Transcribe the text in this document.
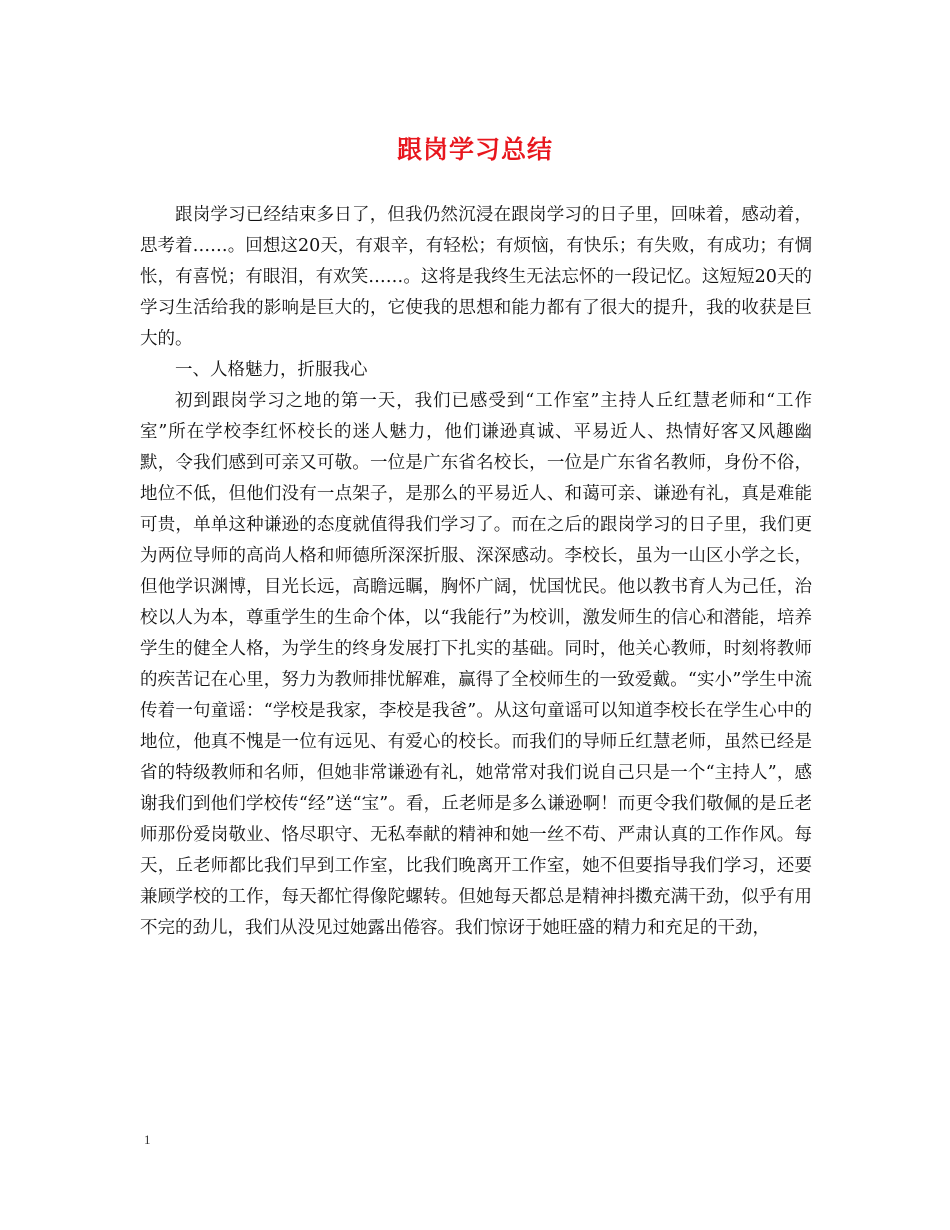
跟岗学习总结

跟岗学习已经结束多日了，但我仍然沉浸在跟岗学习的日子里，回味着，感动着，思考着……。回想这20天，有艰辛，有轻松；有烦恼，有快乐；有失败，有成功；有惆怅，有喜悦；有眼泪，有欢笑……。这将是我终生无法忘怀的一段记忆。这短短20天的学习生活给我的影响是巨大的，它使我的思想和能力都有了很大的提升，我的收获是巨大的。

一、人格魅力，折服我心

初到跟岗学习之地的第一天，我们已感受到“工作室”主持人丘红慧老师和“工作室”所在学校李红怀校长的迷人魅力，他们谦逊真诚、平易近人、热情好客又风趣幽默，令我们感到可亲又可敬。一位是广东省名校长，一位是广东省名教师，身份不俗，地位不低，但他们没有一点架子，是那么的平易近人、和蔼可亲、谦逊有礼，真是难能可贵，单单这种谦逊的态度就值得我们学习了。而在之后的跟岗学习的日子里，我们更为两位导师的高尚人格和师德所深深折服、深深感动。李校长，虽为一山区小学之长，但他学识渊博，目光长远，高瞻远瞩，胸怀广阔，忧国忧民。他以教书育人为己任，治校以人为本，尊重学生的生命个体，以“我能行”为校训，激发师生的信心和潜能，培养学生的健全人格，为学生的终身发展打下扎实的基础。同时，他关心教师，时刻将教师的疾苦记在心里，努力为教师排忧解难，赢得了全校师生的一致爱戴。“实小”学生中流传着一句童谣：“学校是我家，李校是我爸”。从这句童谣可以知道李校长在学生心中的地位，他真不愧是一位有远见、有爱心的校长。而我们的导师丘红慧老师，虽然已经是省的特级教师和名师，但她非常谦逊有礼，她常常对我们说自己只是一个“主持人”，感谢我们到他们学校传“经”送“宝”。看，丘老师是多么谦逊啊！而更令我们敬佩的是丘老师那份爱岗敬业、恪尽职守、无私奉献的精神和她一丝不苟、严肃认真的工作作风。每天，丘老师都比我们早到工作室，比我们晚离开工作室，她不但要指导我们学习，还要兼顾学校的工作，每天都忙得像陀螺转。但她每天都总是精神抖擞充满干劲，似乎有用不完的劲儿，我们从没见过她露出倦容。我们惊讶于她旺盛的精力和充足的干劲，

1
